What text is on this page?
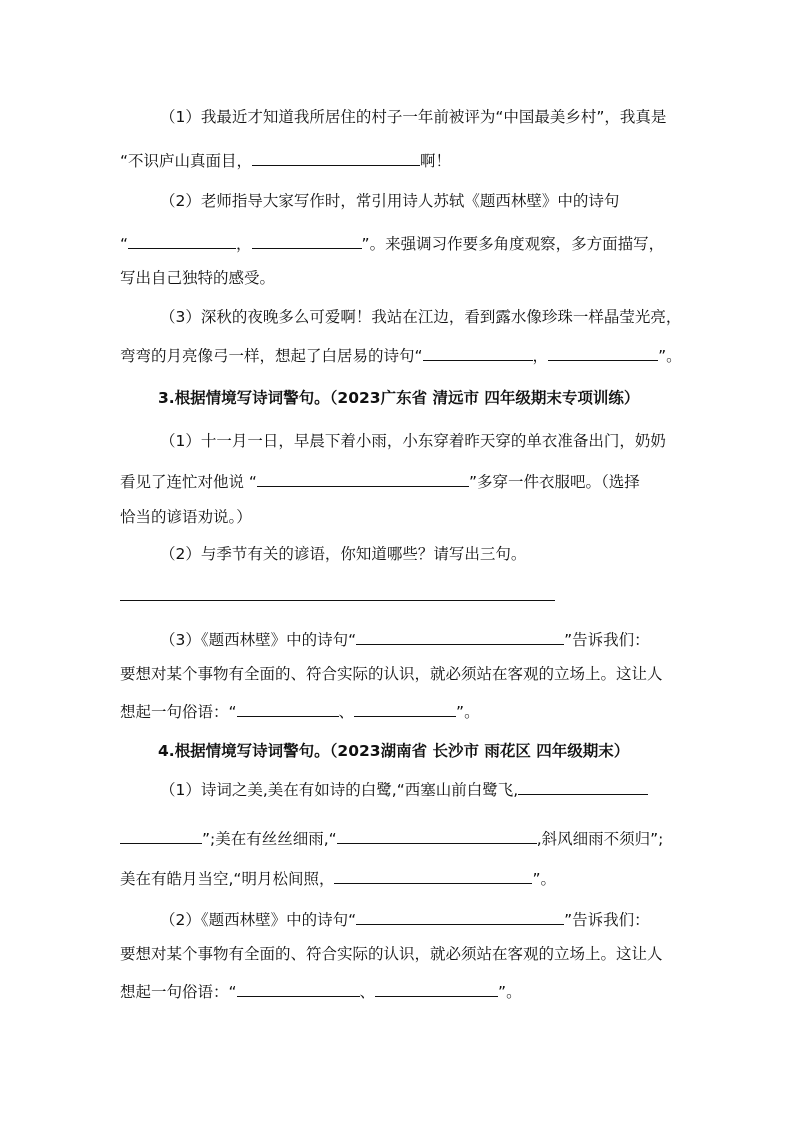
（1）我最近才知道我所居住的村子一年前被评为“中国最美乡村”，我真是
“不识庐山真面目，	啊！
（2）老师指导大家写作时，常引用诗人苏轼《题西林壁》中的诗句
“	，	”。来强调习作要多角度观察，多方面描写，
写出自己独特的感受。
（3）深秋的夜晚多么可爱啊！我站在江边，看到露水像珍珠一样晶莹光亮，
弯弯的月亮像弓一样，想起了白居易的诗句“	，	”。
3.根据情境写诗词警句。（2023广东省 清远市 四年级期末专项训练）
（1）十一月一日，早晨下着小雨，小东穿着昨天穿的单衣准备出门，奶奶
看见了连忙对他说 “	”多穿一件衣服吧。（选择
恰当的谚语劝说。）
（2）与季节有关的谚语，你知道哪些？请写出三句。
（3）《题西林壁》中的诗句“	”告诉我们：
要想对某个事物有全面的、符合实际的认识，就必须站在客观的立场上。这让人
想起一句俗语：“	、	”。
4.根据情境写诗词警句。（2023湖南省 长沙市 雨花区 四年级期末）
（1）诗词之美,美在有如诗的白鹭,“西塞山前白鹭飞,
”;美在有丝丝细雨,“	,斜风细雨不须归”;
美在有皓月当空,“明月松间照，	”。
（2）《题西林壁》中的诗句“	”告诉我们：
要想对某个事物有全面的、符合实际的认识，就必须站在客观的立场上。这让人
想起一句俗语：“	、	”。
